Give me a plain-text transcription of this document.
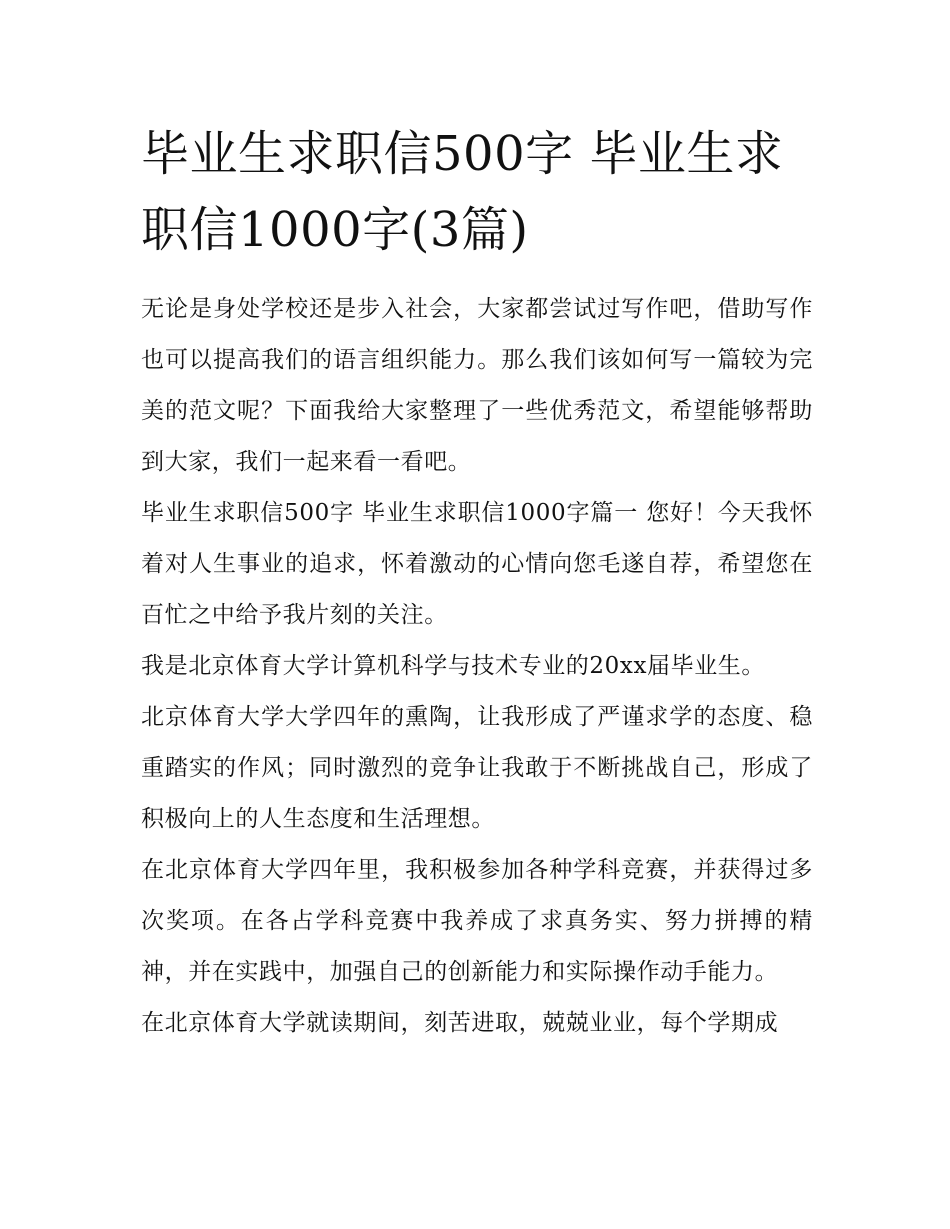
毕业生求职信500字 毕业生求职信1000字(3篇)

无论是身处学校还是步入社会，大家都尝试过写作吧，借助写作也可以提高我们的语言组织能力。那么我们该如何写一篇较为完美的范文呢？下面我给大家整理了一些优秀范文，希望能够帮助到大家，我们一起来看一看吧。

毕业生求职信500字 毕业生求职信1000字篇一 您好！今天我怀着对人生事业的追求，怀着激动的心情向您毛遂自荐，希望您在百忙之中给予我片刻的关注。

我是北京体育大学计算机科学与技术专业的20xx届毕业生。

北京体育大学大学四年的熏陶，让我形成了严谨求学的态度、稳重踏实的作风；同时激烈的竞争让我敢于不断挑战自己，形成了积极向上的人生态度和生活理想。

在北京体育大学四年里，我积极参加各种学科竞赛，并获得过多次奖项。在各占学科竞赛中我养成了求真务实、努力拼搏的精神，并在实践中，加强自己的创新能力和实际操作动手能力。

在北京体育大学就读期间，刻苦进取，兢兢业业，每个学期成
